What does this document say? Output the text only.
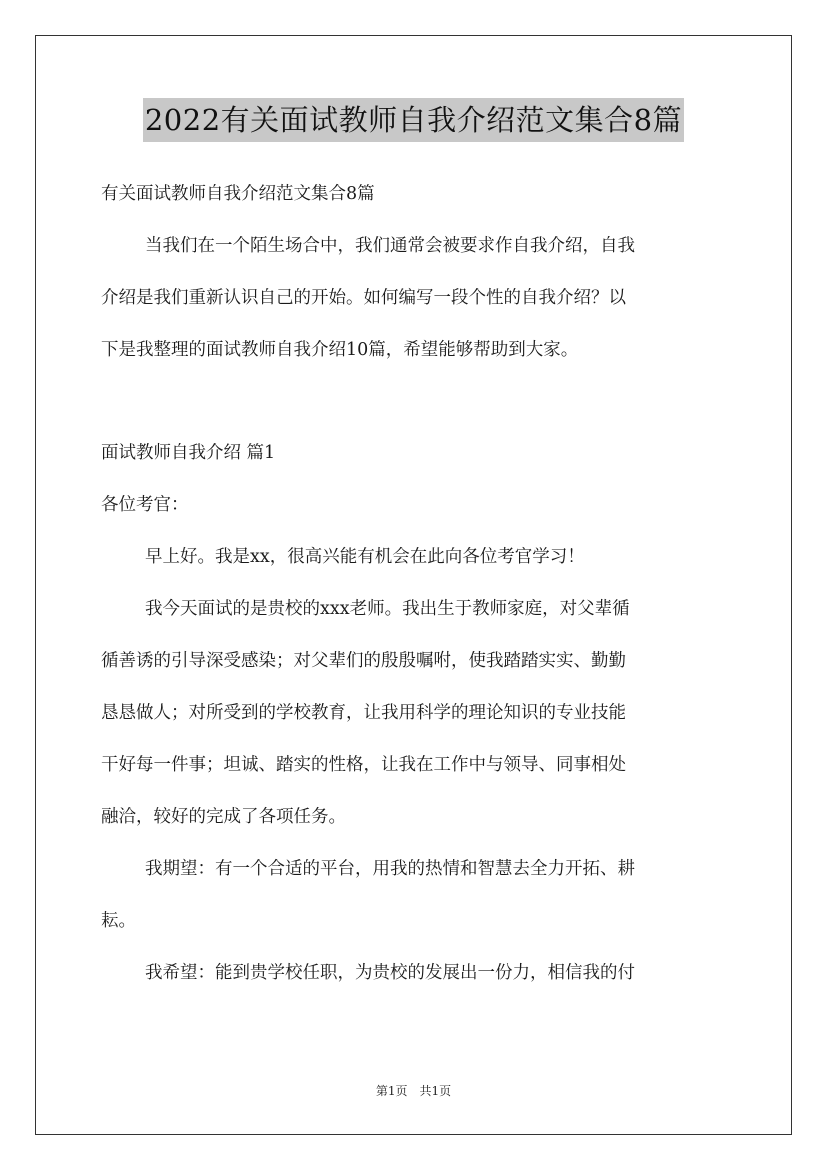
2022有关面试教师自我介绍范文集合8篇
有关面试教师自我介绍范文集合8篇
当我们在一个陌生场合中，我们通常会被要求作自我介绍，自我
介绍是我们重新认识自己的开始。如何编写一段个性的自我介绍？以
下是我整理的面试教师自我介绍10篇，希望能够帮助到大家。
面试教师自我介绍 篇1
各位考官：
早上好。我是xx，很高兴能有机会在此向各位考官学习！
我今天面试的是贵校的xxx老师。我出生于教师家庭，对父辈循
循善诱的引导深受感染；对父辈们的殷殷嘱咐，使我踏踏实实、勤勤
恳恳做人；对所受到的学校教育，让我用科学的理论知识的专业技能
干好每一件事；坦诚、踏实的性格，让我在工作中与领导、同事相处
融洽，较好的完成了各项任务。
我期望：有一个合适的平台，用我的热情和智慧去全力开拓、耕
耘。
我希望：能到贵学校任职，为贵校的发展出一份力，相信我的付
第1页　共1页
